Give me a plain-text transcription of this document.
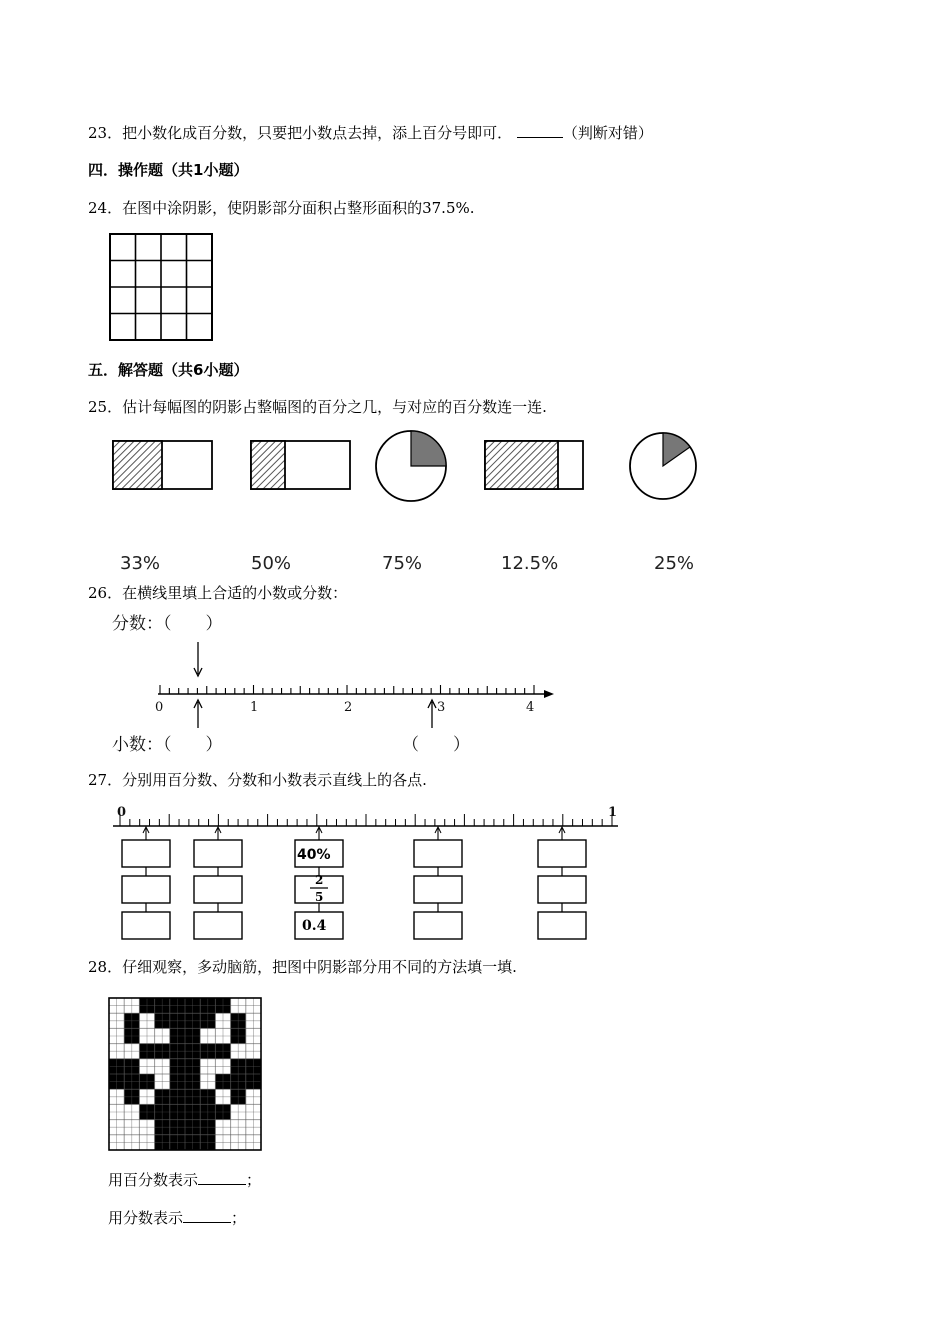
23．把小数化成百分数，只要把小数点去掉，添上百分号即可．	（判断对错）
四．操作题（共1小题）
24．在图中涂阴影，使阴影部分面积占整形面积的37.5%.
五．解答题（共6小题）
25．估计每幅图的阴影占整幅图的百分之几，与对应的百分数连一连.
33%	50%	75%	12.5%	25%
26．在横线里填上合适的小数或分数：
分数：（　　）
0	1	2	3	4
小数：（　　）	（　　）
27．分别用百分数、分数和小数表示直线上的各点.
0	1
40%
2
5
0.4
28．仔细观察，多动脑筋，把图中阴影部分用不同的方法填一填.
用百分数表示	；
用分数表示	；
